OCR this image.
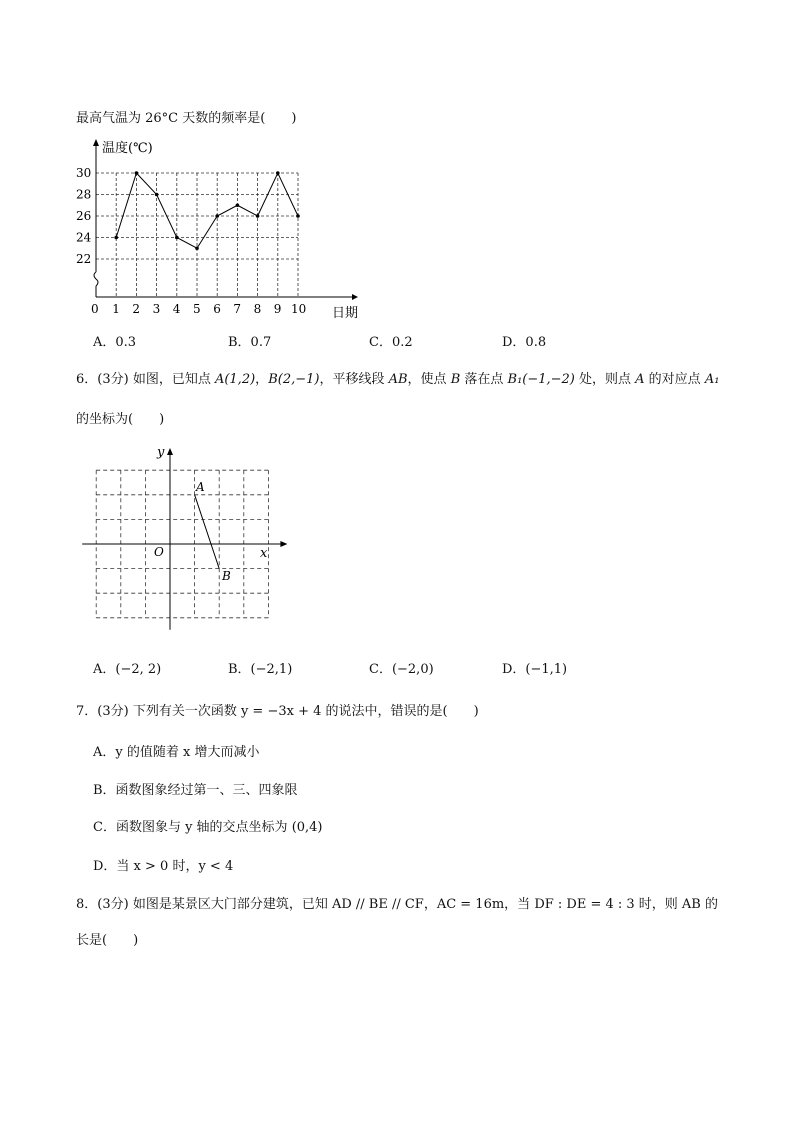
最高气温为 26°C 天数的频率是(　　)
22
24
26
28
30
1 2 3 4 5 6 7 8 9 10
温度(℃)
日期
0
A．0.3	B．0.7	C．0.2	D．0.8
6．(3分) 如图，已知点 A(1,2)，B(2,−1)，平移线段 AB，使点 B 落在点 B₁(−1,−2) 处，则点 A 的对应点 A₁
的坐标为(　　)
x
y
O
A
B
A．(−2, 2)	B．(−2,1)	C．(−2,0)	D．(−1,1)
7．(3分) 下列有关一次函数 y = −3x + 4 的说法中，错误的是(　　)
A．y 的值随着 x 增大而减小
B．函数图象经过第一、三、四象限
C．函数图象与 y 轴的交点坐标为 (0,4)
D．当 x > 0 时，y < 4
8．(3分) 如图是某景区大门部分建筑，已知 AD // BE // CF，AC = 16m，当 DF : DE = 4 : 3 时，则 AB 的
长是(　　)
